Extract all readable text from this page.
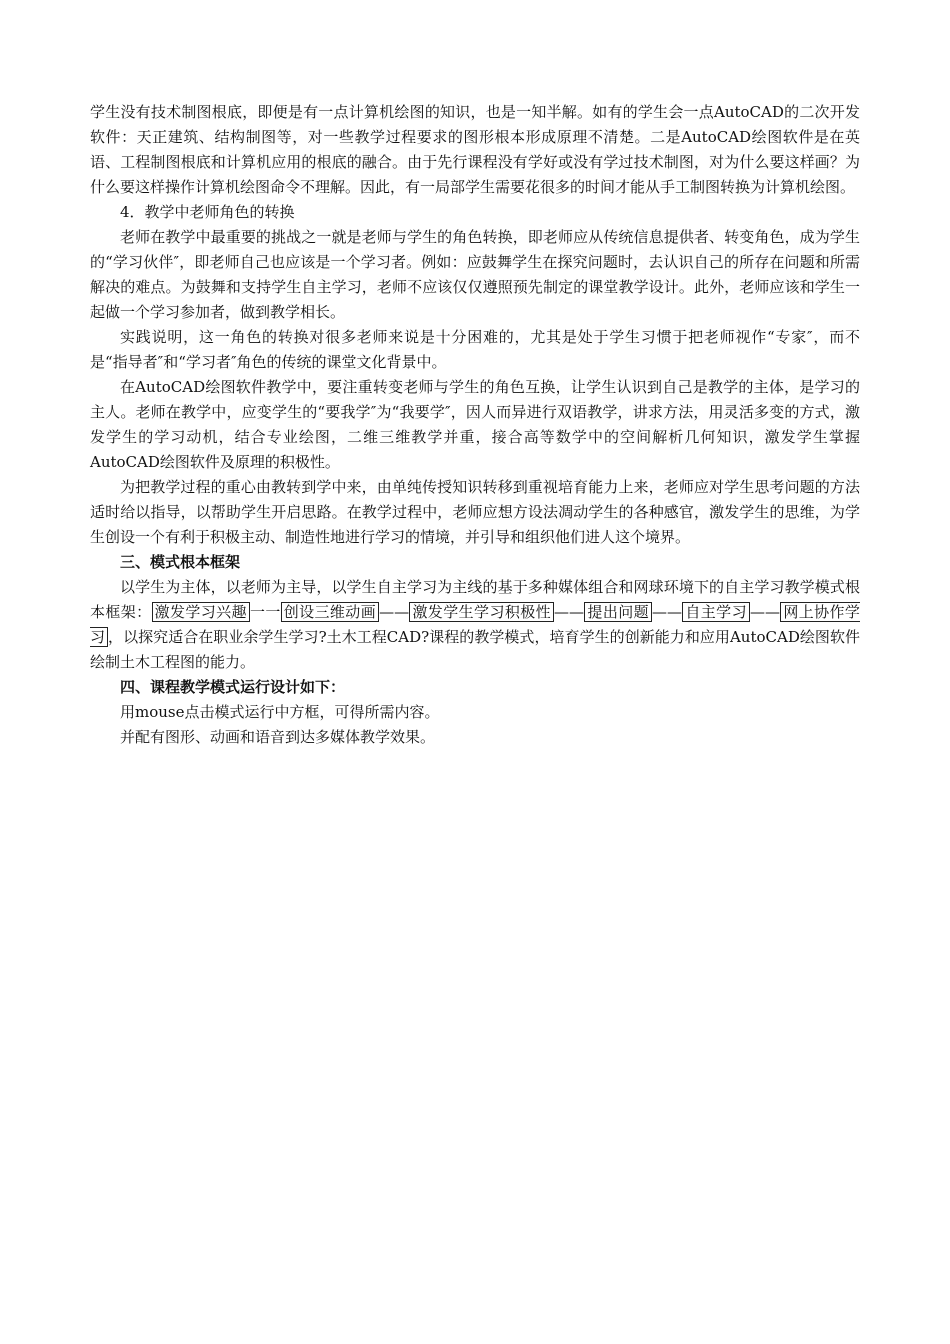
学生没有技术制图根底，即便是有一点计算机绘图的知识，也是一知半解。如有的学生会一点AutoCAD的二次开发软件：天正建筑、结构制图等，对一些教学过程要求的图形根本形成原理不清楚。二是AutoCAD绘图软件是在英语、工程制图根底和计算机应用的根底的融合。由于先行课程没有学好或没有学过技术制图，对为什么要这样画？为什么要这样操作计算机绘图命令不理解。因此，有一局部学生需要花很多的时间才能从手工制图转换为计算机绘图。

4．教学中老师角色的转换

老师在教学中最重要的挑战之一就是老师与学生的角色转换，即老师应从传统信息提供者、转变角色，成为学生的“学习伙伴″，即老师自己也应该是一个学习者。例如：应鼓舞学生在探究问题时，去认识自己的所存在问题和所需解决的难点。为鼓舞和支持学生自主学习，老师不应该仅仅遵照预先制定的课堂教学设计。此外，老师应该和学生一起做一个学习参加者，做到教学相长。

实践说明，这一角色的转换对很多老师来说是十分困难的，尤其是处于学生习惯于把老师视作“专家″，而不是“指导者″和“学习者″角色的传统的课堂文化背景中。

在AutoCAD绘图软件教学中，要注重转变老师与学生的角色互换，让学生认识到自己是教学的主体，是学习的主人。老师在教学中，应变学生的“要我学″为“我要学″，因人而异进行双语教学，讲求方法，用灵活多变的方式，激发学生的学习动机，结合专业绘图，二维三维教学并重，接合高等数学中的空间解析几何知识，激发学生掌握AutoCAD绘图软件及原理的积极性。

为把教学过程的重心由教转到学中来，由单纯传授知识转移到重视培育能力上来，老师应对学生思考问题的方法适时给以指导，以帮助学生开启思路。在教学过程中，老师应想方设法凋动学生的各种感官，激发学生的思维，为学生创设一个有利于积极主动、制造性地进行学习的情境，并引导和组织他们进人这个境界。

三、模式根本框架

以学生为主体，以老师为主导，以学生自主学习为主线的基于多种媒体组合和网球环境下的自主学习教学模式根本框架： 激发学习兴趣 一一 创设三维动画 —— 激发学生学习积极性 —— 提出问题 —— 自主学习 —— 网上协作学习 ，以探究适合在职业余学生学习?土木工程CAD?课程的教学模式，培育学生的创新能力和应用AutoCAD绘图软件绘制土木工程图的能力。

四、课程教学模式运行设计如下：

用mouse点击模式运行中方框，可得所需内容。

并配有图形、动画和语音到达多媒体教学效果。
